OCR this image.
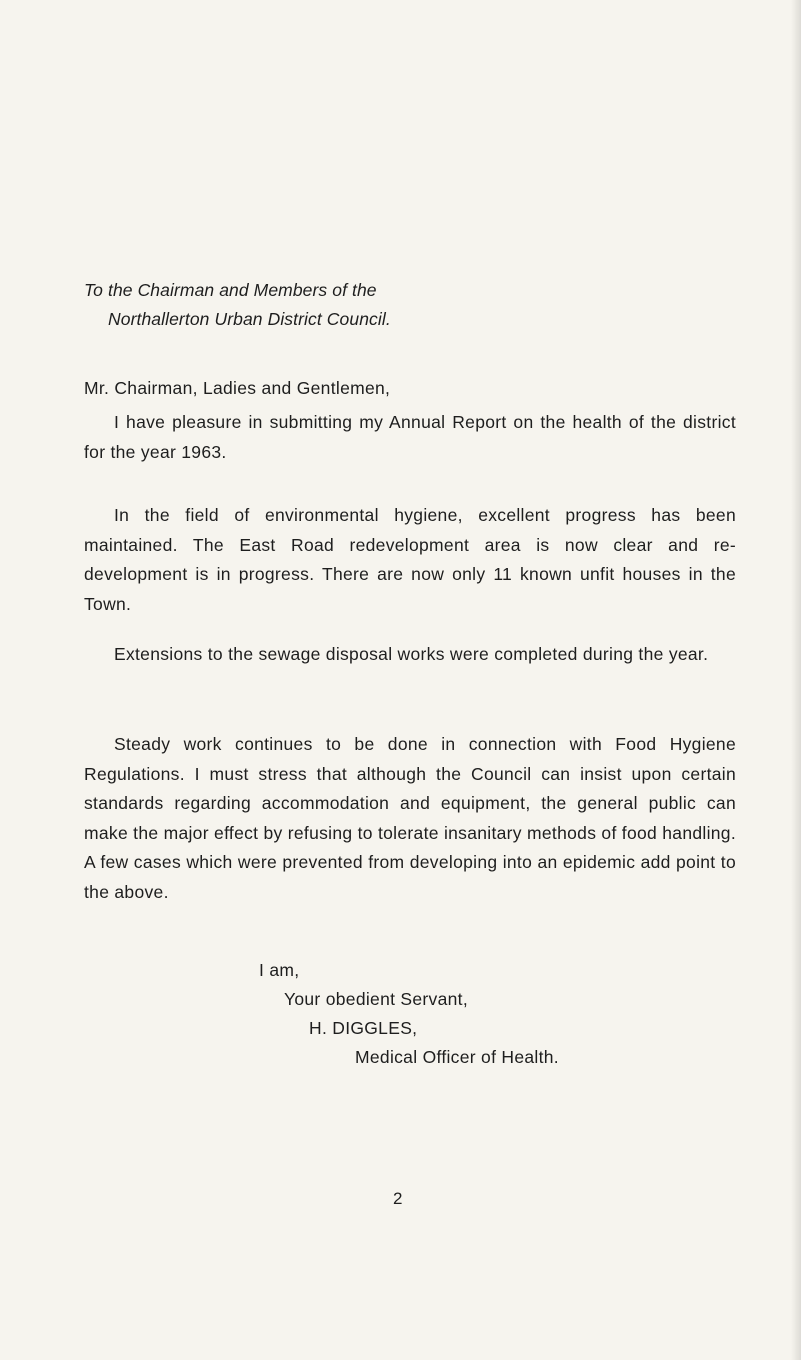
To the Chairman and Members of the
Northallerton Urban District Council.
Mr. Chairman, Ladies and Gentlemen,
I have pleasure in submitting my Annual Report on the health of the district for the year 1963.
In the field of environmental hygiene, excellent progress has been maintained. The East Road redevelopment area is now clear and re-development is in progress. There are now only 11 known unfit houses in the Town.
Extensions to the sewage disposal works were completed during the year.
Steady work continues to be done in connection with Food Hygiene Regulations. I must stress that although the Council can insist upon certain standards regarding accommodation and equipment, the general public can make the major effect by refusing to tolerate insanitary methods of food handling. A few cases which were prevented from developing into an epidemic add point to the above.
I am,
Your obedient Servant,
H. DIGGLES,
Medical Officer of Health.
2
